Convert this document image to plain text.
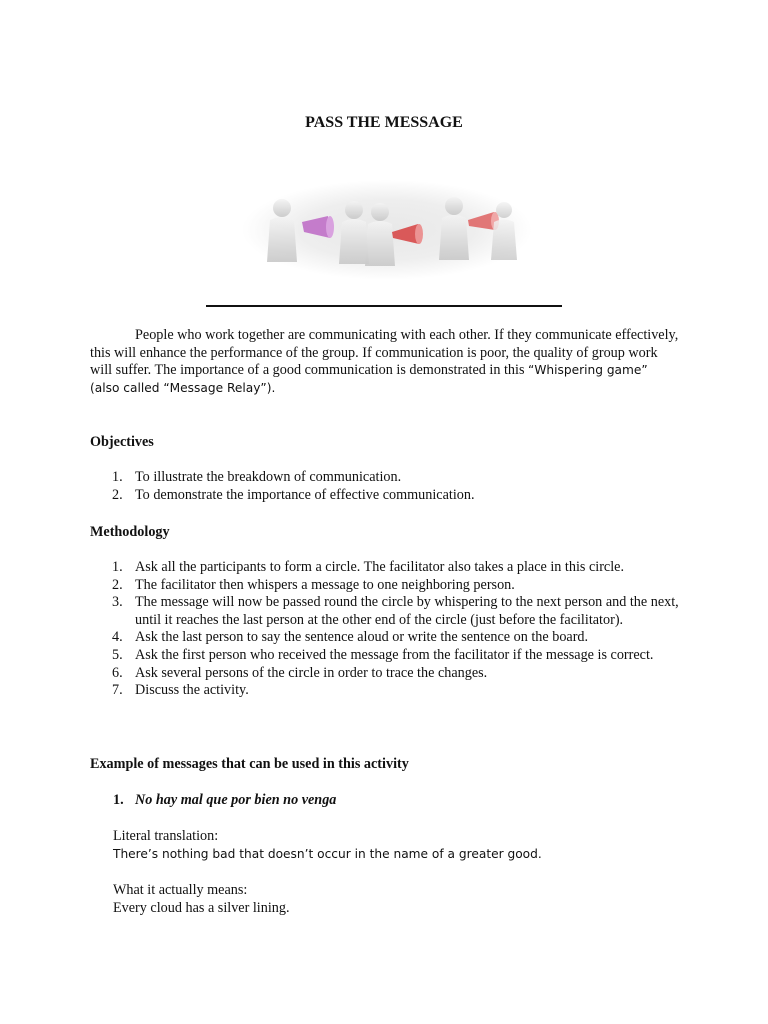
PASS THE MESSAGE

People who work together are communicating with each other. If they communicate effectively, this will enhance the performance of the group. If communication is poor, the quality of group work will suffer. The importance of a good communication is demonstrated in this “Whispering game” (also called “Message Relay”).

Objectives

1. To illustrate the breakdown of communication.
2. To demonstrate the importance of effective communication.

Methodology

1. Ask all the participants to form a circle. The facilitator also takes a place in this circle.
2. The facilitator then whispers a message to one neighboring person.
3. The message will now be passed round the circle by whispering to the next person and the next, until it reaches the last person at the other end of the circle (just before the facilitator).
4. Ask the last person to say the sentence aloud or write the sentence on the board.
5. Ask the first person who received the message from the facilitator if the message is correct.
6. Ask several persons of the circle in order to trace the changes.
7. Discuss the activity.

Example of messages that can be used in this activity

1. No hay mal que por bien no venga

Literal translation:

There’s nothing bad that doesn’t occur in the name of a greater good.

What it actually means:

Every cloud has a silver lining.
